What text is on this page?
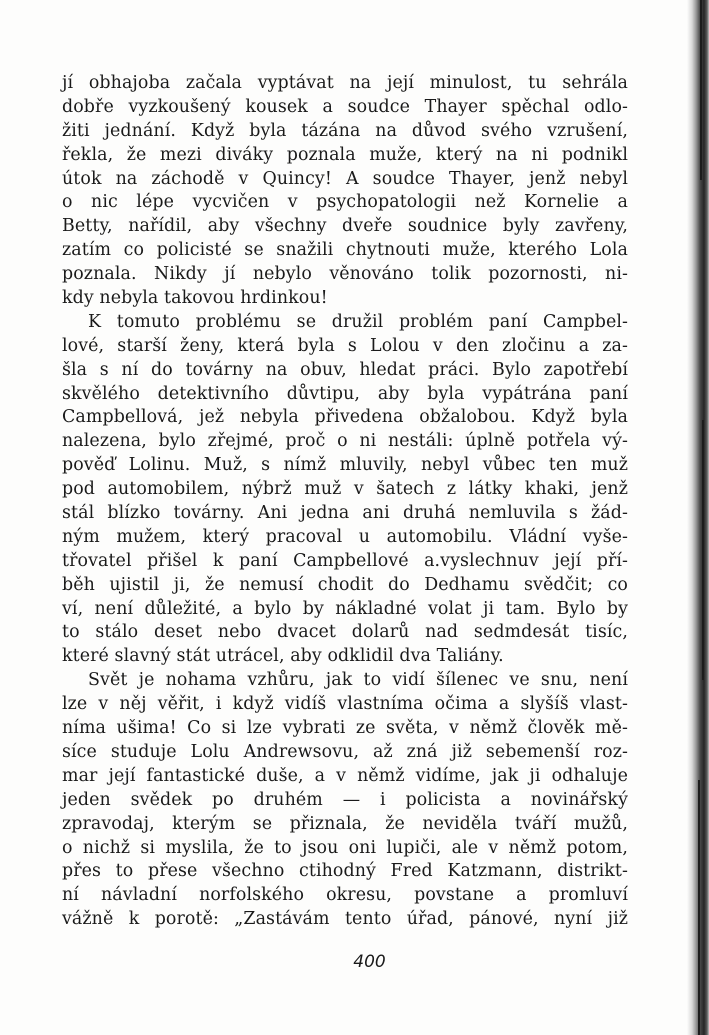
jí obhajoba začala vyptávat na její minulost, tu sehrála
dobře vyzkoušený kousek a soudce Thayer spěchal odlo-
žiti jednání. Když byla tázána na důvod svého vzrušení,
řekla, že mezi diváky poznala muže, který na ni podnikl
útok na záchodě v Quincy! A soudce Thayer, jenž nebyl
o nic lépe vycvičen v psychopatologii než Kornelie a
Betty, nařídil, aby všechny dveře soudnice byly zavřeny,
zatím co policisté se snažili chytnouti muže, kterého Lola
poznala. Nikdy jí nebylo věnováno tolik pozornosti, ni-
kdy nebyla takovou hrdinkou!
K tomuto problému se družil problém paní Campbel-
lové, starší ženy, která byla s Lolou v den zločinu a za-
šla s ní do továrny na obuv, hledat práci. Bylo zapotřebí
skvělého detektivního důvtipu, aby byla vypátrána paní
Campbellová, jež nebyla přivedena obžalobou. Když byla
nalezena, bylo zřejmé, proč o ni nestáli: úplně potřela vý-
pověď Lolinu. Muž, s nímž mluvily, nebyl vůbec ten muž
pod automobilem, nýbrž muž v šatech z látky khaki, jenž
stál blízko továrny. Ani jedna ani druhá nemluvila s žád-
ným mužem, který pracoval u automobilu. Vládní vyše-
třovatel přišel k paní Campbellové a.vyslechnuv její pří-
běh ujistil ji, že nemusí chodit do Dedhamu svědčit; co
ví, není důležité, a bylo by nákladné volat ji tam. Bylo by
to stálo deset nebo dvacet dolarů nad sedmdesát tisíc,
které slavný stát utrácel, aby odklidil dva Taliány.
Svět je nohama vzhůru, jak to vidí šílenec ve snu, není
lze v něj věřit, i když vidíš vlastníma očima a slyšíš vlast-
níma ušima! Co si lze vybrati ze světa, v němž člověk mě-
síce studuje Lolu Andrewsovu, až zná již sebemenší roz-
mar její fantastické duše, a v němž vidíme, jak ji odhaluje
jeden svědek po druhém — i policista a novinářský
zpravodaj, kterým se přiznala, že neviděla tváří mužů,
o nichž si myslila, že to jsou oni lupiči, ale v němž potom,
přes to přese všechno ctihodný Fred Katzmann, distrikt-
ní návladní norfolského okresu, povstane a promluví
vážně k porotě: „Zastávám tento úřad, pánové, nyní již
400
